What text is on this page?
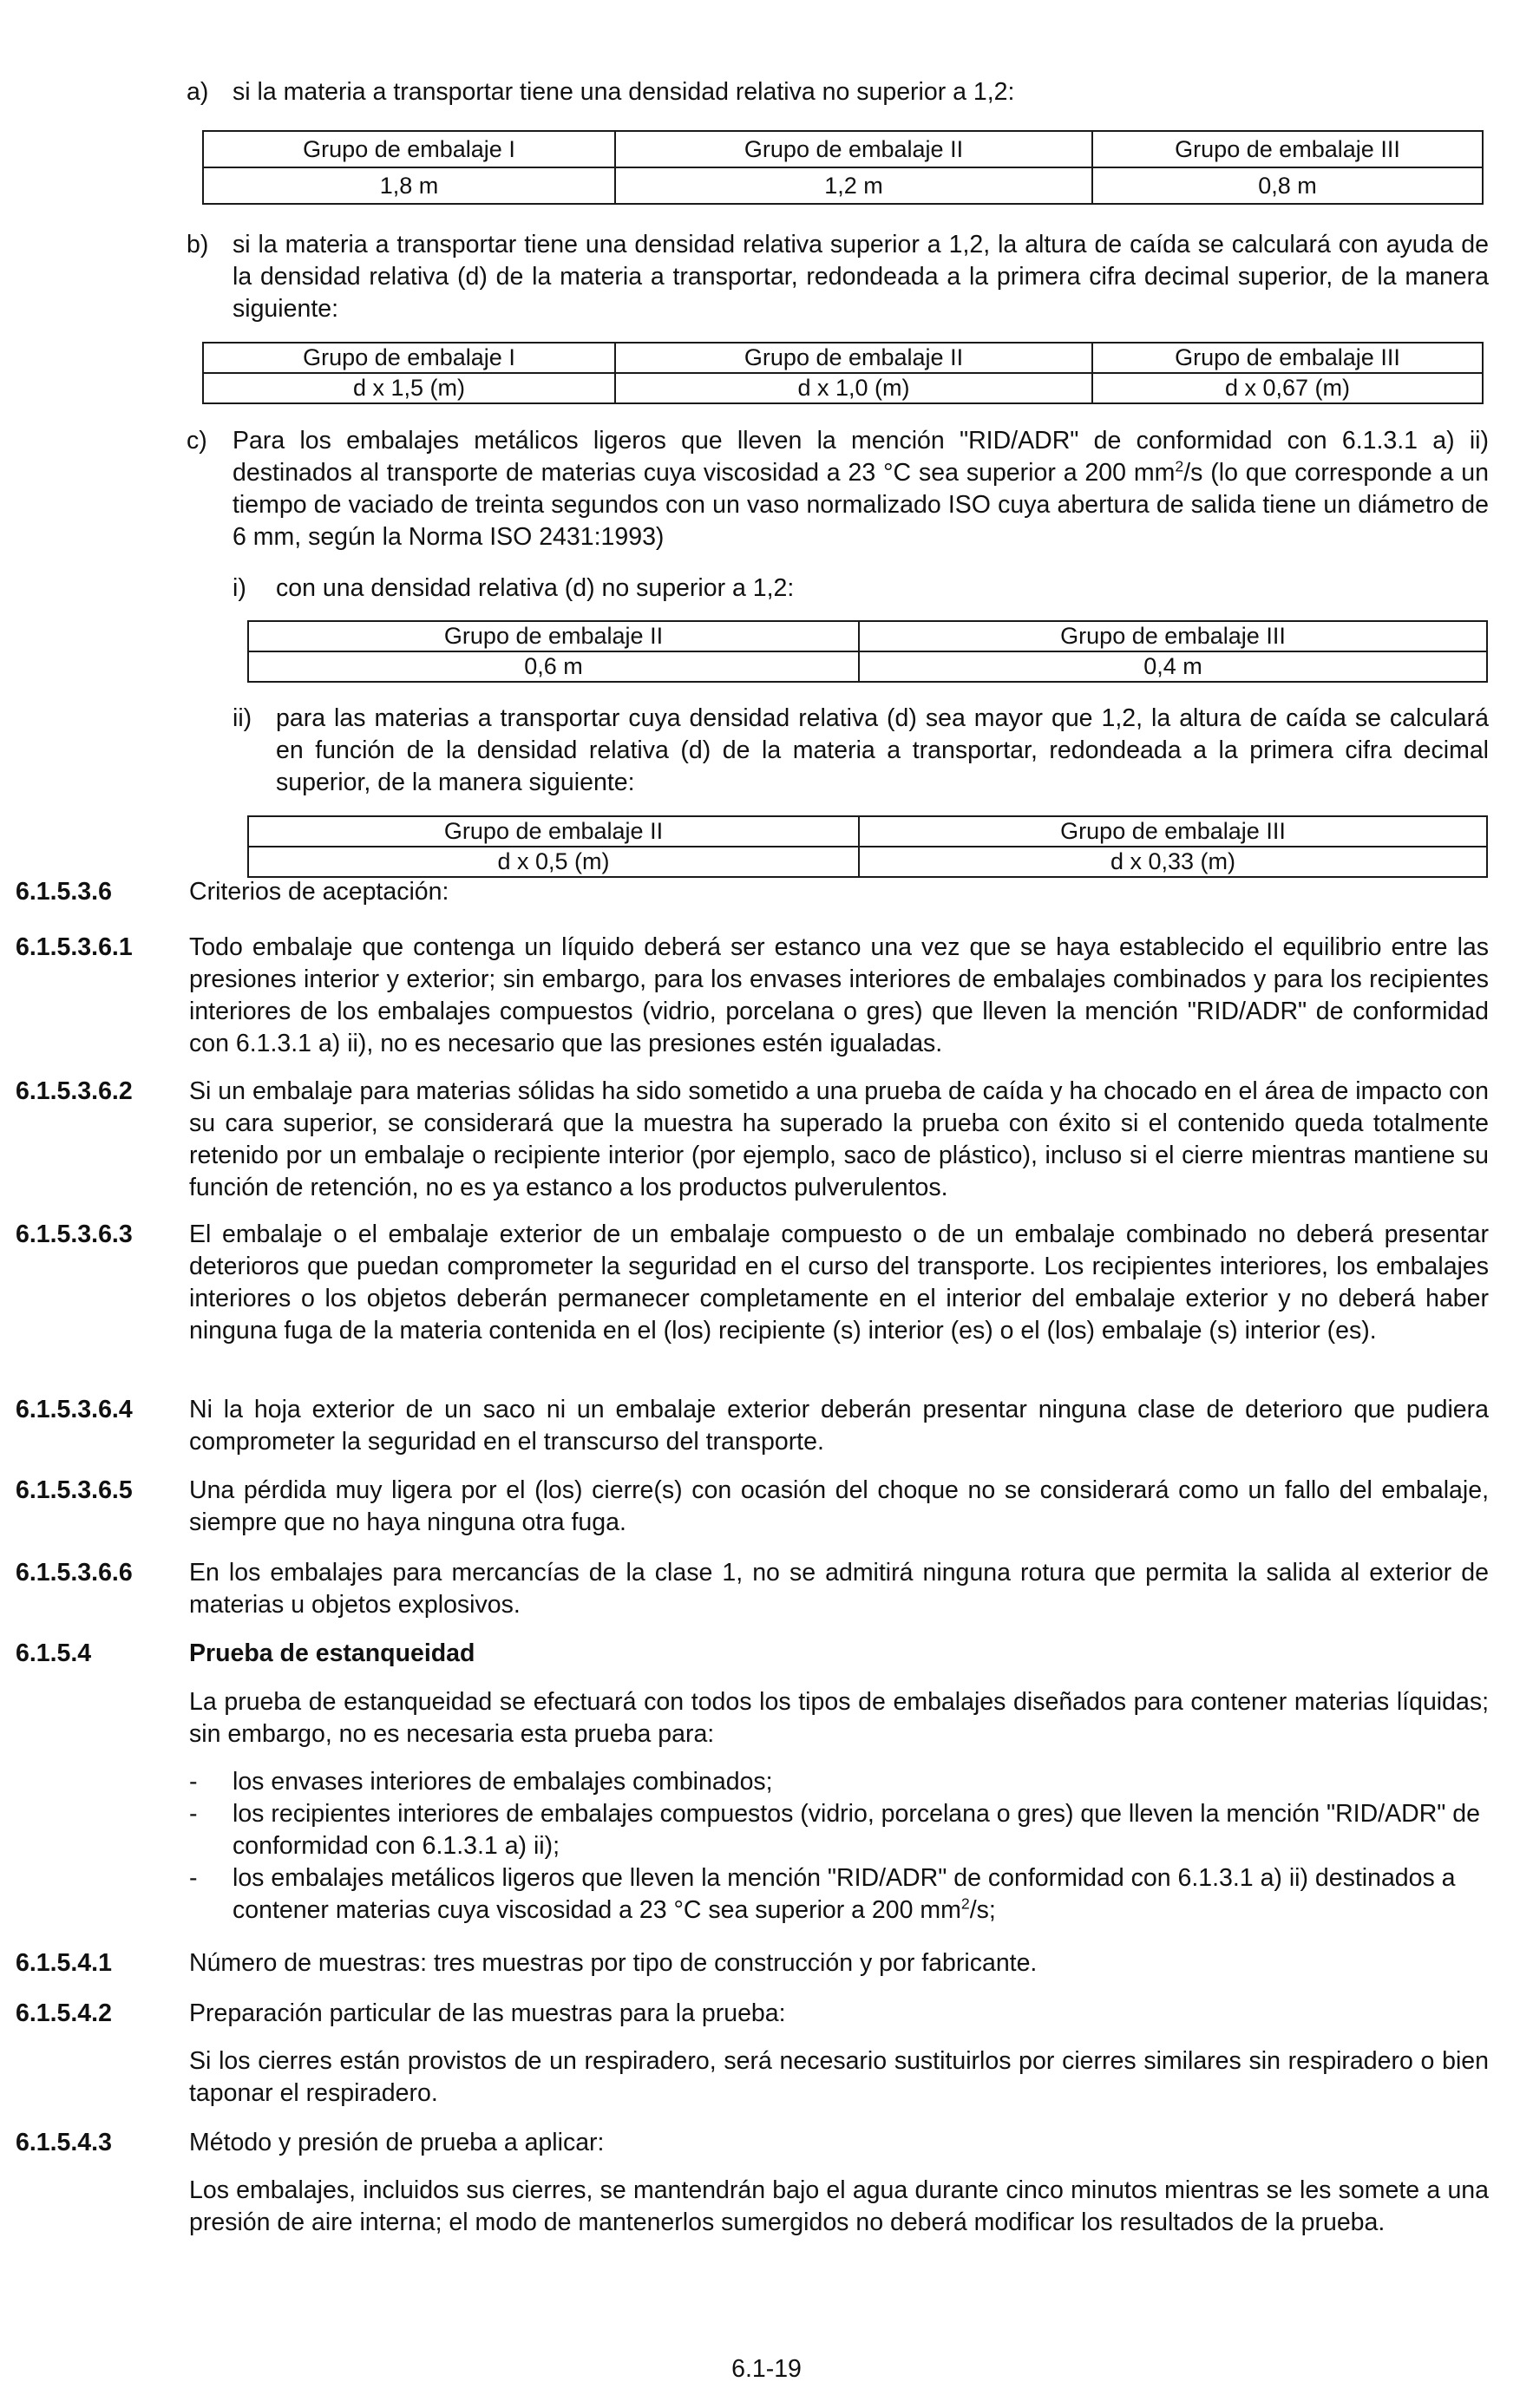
a) si la materia a transportar tiene una densidad relativa no superior a 1,2:
Grupo de embalaje I	Grupo de embalaje II	Grupo de embalaje III
1,8 m	1,2 m	0,8 m
b) si la materia a transportar tiene una densidad relativa superior a 1,2, la altura de caída se calculará con ayuda de la densidad relativa (d) de la materia a transportar, redondeada a la primera cifra decimal superior, de la manera siguiente:
Grupo de embalaje I	Grupo de embalaje II	Grupo de embalaje III
d x 1,5 (m)	d x 1,0 (m)	d x 0,67 (m)
c) Para los embalajes metálicos ligeros que lleven la mención "RID/ADR" de conformidad con 6.1.3.1 a) ii) destinados al transporte de materias cuya viscosidad a 23 °C sea superior a 200 $mm^2/s$ (lo que corresponde a un tiempo de vaciado de treinta segundos con un vaso normalizado ISO cuya abertura de salida tiene un diámetro de 6 mm, según la Norma ISO 2431:1993)
i) con una densidad relativa (d) no superior a 1,2:
Grupo de embalaje II	Grupo de embalaje III
0,6 m	0,4 m
ii) para las materias a transportar cuya densidad relativa (d) sea mayor que 1,2, la altura de caída se calculará en función de la densidad relativa (d) de la materia a transportar, redondeada a la primera cifra decimal superior, de la manera siguiente:
Grupo de embalaje II	Grupo de embalaje III
d x 0,5 (m)	d x 0,33 (m)
6.1.5.3.6	Criterios de aceptación:
6.1.5.3.6.1 Todo embalaje que contenga un líquido deberá ser estanco una vez que se haya establecido el equilibrio entre las presiones interior y exterior; sin embargo, para los envases interiores de embalajes combinados y para los recipientes interiores de los embalajes compuestos (vidrio, porcelana o gres) que lleven la mención "RID/ADR" de conformidad con 6.1.3.1 a) ii), no es necesario que las presiones estén igualadas.
6.1.5.3.6.2 Si un embalaje para materias sólidas ha sido sometido a una prueba de caída y ha chocado en el área de impacto con su cara superior, se considerará que la muestra ha superado la prueba con éxito si el contenido queda totalmente retenido por un embalaje o recipiente interior (por ejemplo, saco de plástico), incluso si el cierre mientras mantiene su función de retención, no es ya estanco a los productos pulverulentos.
6.1.5.3.6.3 El embalaje o el embalaje exterior de un embalaje compuesto o de un embalaje combinado no deberá presentar deterioros que puedan comprometer la seguridad en el curso del transporte. Los recipientes interiores, los embalajes interiores o los objetos deberán permanecer completamente en el interior del embalaje exterior y no deberá haber ninguna fuga de la materia contenida en el (los) recipiente (s) interior (es) o el (los) embalaje (s) interior (es).
6.1.5.3.6.4 Ni la hoja exterior de un saco ni un embalaje exterior deberán presentar ninguna clase de deterioro que pudiera comprometer la seguridad en el transcurso del transporte.
6.1.5.3.6.5 Una pérdida muy ligera por el (los) cierre(s) con ocasión del choque no se considerará como un fallo del embalaje, siempre que no haya ninguna otra fuga.
6.1.5.3.6.6 En los embalajes para mercancías de la clase 1, no se admitirá ninguna rotura que permita la salida al exterior de materias u objetos explosivos.
6.1.5.4	Prueba de estanqueidad
La prueba de estanqueidad se efectuará con todos los tipos de embalajes diseñados para contener materias líquidas; sin embargo, no es necesaria esta prueba para:
- los envases interiores de embalajes combinados;
- los recipientes interiores de embalajes compuestos (vidrio, porcelana o gres) que lleven la mención "RID/ADR" de conformidad con 6.1.3.1 a) ii);
- los embalajes metálicos ligeros que lleven la mención "RID/ADR" de conformidad con 6.1.3.1 a) ii) destinados a contener materias cuya viscosidad a 23 °C sea superior a 200 $mm^2/s$;
6.1.5.4.1	Número de muestras: tres muestras por tipo de construcción y por fabricante.
6.1.5.4.2	Preparación particular de las muestras para la prueba:
Si los cierres están provistos de un respiradero, será necesario sustituirlos por cierres similares sin respiradero o bien taponar el respiradero.
6.1.5.4.3	Método y presión de prueba a aplicar:
Los embalajes, incluidos sus cierres, se mantendrán bajo el agua durante cinco minutos mientras se les somete a una presión de aire interna; el modo de mantenerlos sumergidos no deberá modificar los resultados de la prueba.
6.1-19
